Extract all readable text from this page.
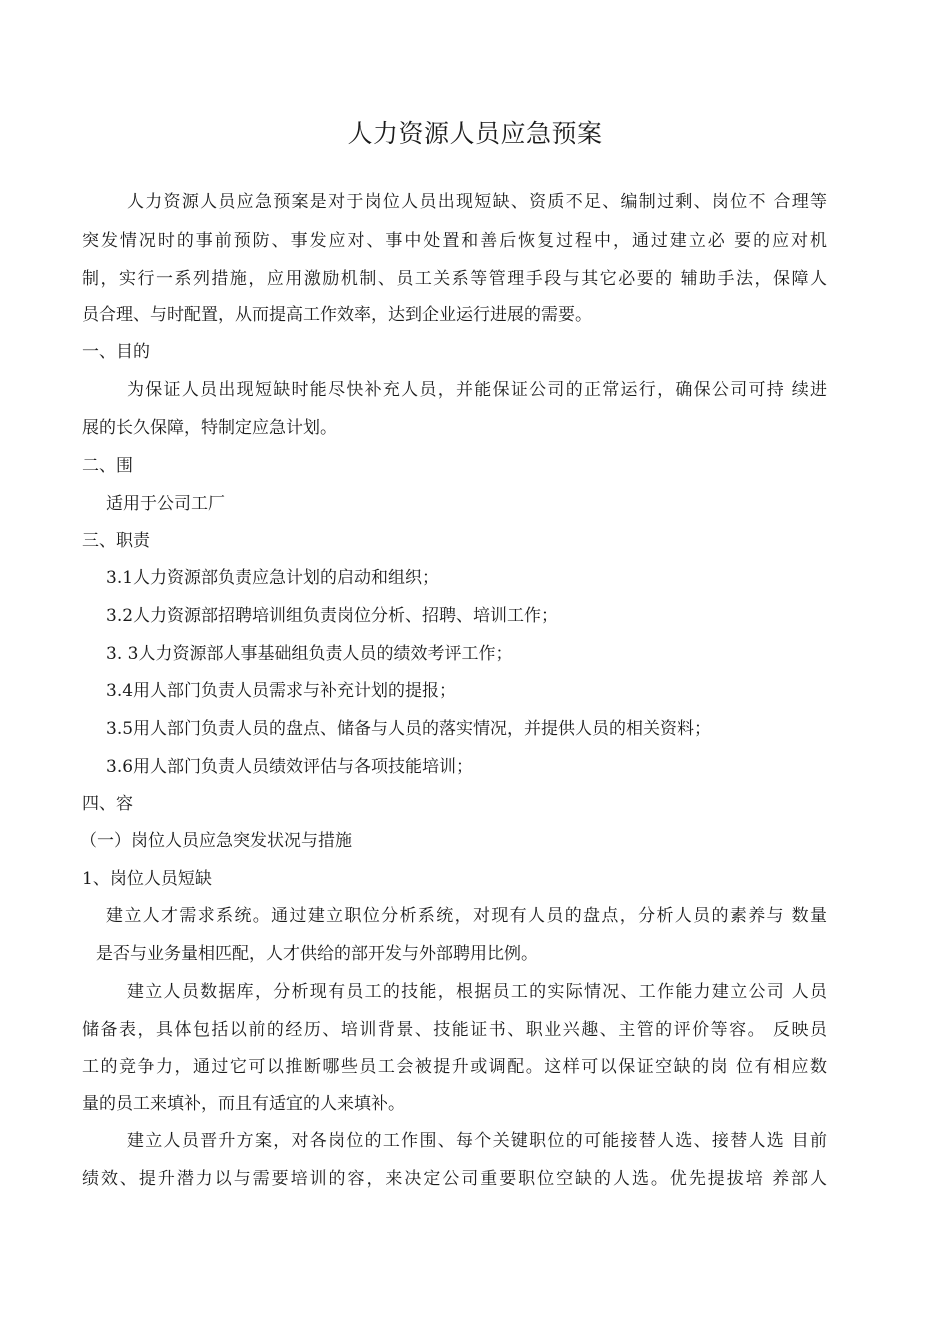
人力资源人员应急预案
人力资源人员应急预案是对于岗位人员出现短缺、资质不足、编制过剩、岗位不 合理等
突发情况时的事前预防、事发应对、事中处置和善后恢复过程中，通过建立必 要的应对机
制，实行一系列措施，应用激励机制、员工关系等管理手段与其它必要的 辅助手法，保障人
员合理、与时配置，从而提高工作效率，达到企业运行进展的需要。
一、目的
为保证人员出现短缺时能尽快补充人员，并能保证公司的正常运行，确保公司可持 续进
展的长久保障，特制定应急计划。
二、围
适用于公司工厂
三、职责
3.1人力资源部负责应急计划的启动和组织；
3.2人力资源部招聘培训组负责岗位分析、招聘、培训工作；
3. 3人力资源部人事基础组负责人员的绩效考评工作；
3.4用人部门负责人员需求与补充计划的提报；
3.5用人部门负责人员的盘点、储备与人员的落实情况，并提供人员的相关资料；
3.6用人部门负责人员绩效评估与各项技能培训；
四、容
（一）岗位人员应急突发状况与措施
1、岗位人员短缺
建立人才需求系统。通过建立职位分析系统，对现有人员的盘点，分析人员的素养与 数量
是否与业务量相匹配，人才供给的部开发与外部聘用比例。
建立人员数据库，分析现有员工的技能，根据员工的实际情况、工作能力建立公司 人员
储备表，具体包括以前的经历、培训背景、技能证书、职业兴趣、主管的评价等容。 反映员
工的竞争力，通过它可以推断哪些员工会被提升或调配。这样可以保证空缺的岗 位有相应数
量的员工来填补，而且有适宜的人来填补。
建立人员晋升方案，对各岗位的工作围、每个关键职位的可能接替人选、接替人选 目前
绩效、提升潜力以与需要培训的容，来决定公司重要职位空缺的人选。优先提拔培 养部人
